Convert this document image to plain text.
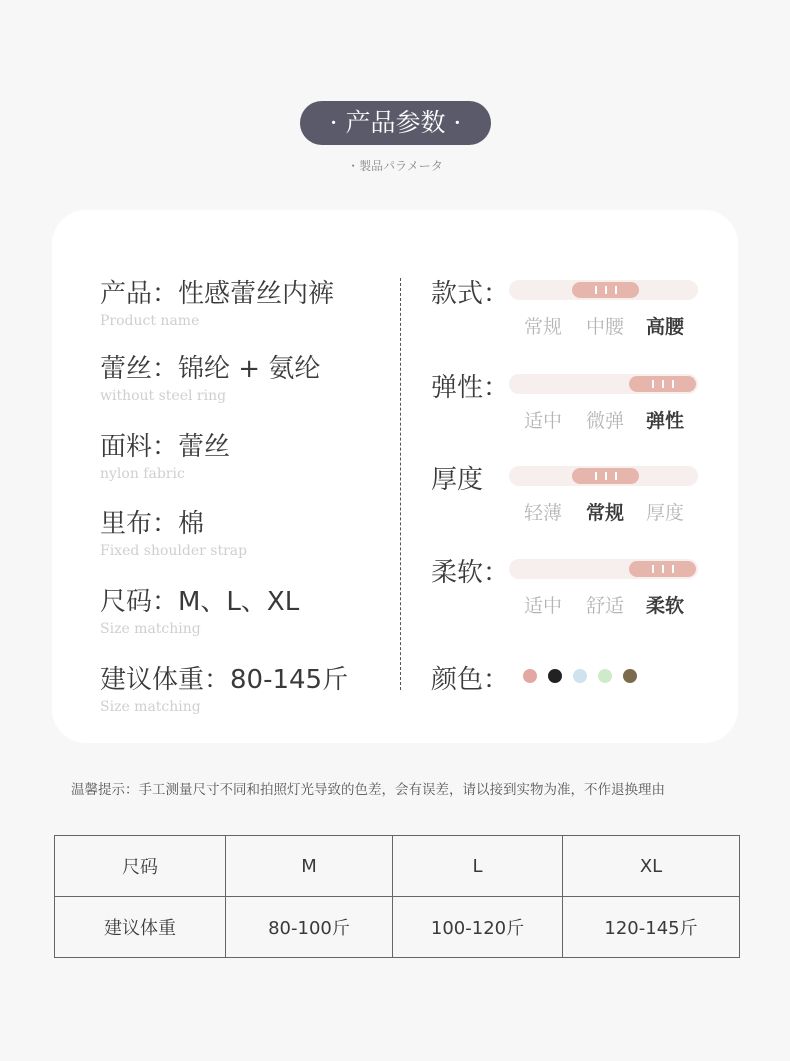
· 产品参数 ·
・製品パラメータ
产品：性感蕾丝内裤
Product name
蕾丝：锦纶 + 氨纶
without steel ring
面料：蕾丝
nylon fabric
里布：棉
Fixed shoulder strap
尺码：M、L、XL
Size matching
建议体重：80-145斤
Size matching
款式：
常规	中腰	高腰
弹性：
适中	微弹	弹性
厚度
轻薄	常规	厚度
柔软：
适中	舒适	柔软
颜色：
温馨提示：手工测量尺寸不同和拍照灯光导致的色差，会有误差，请以接到实物为准，不作退换理由
尺码	M	L	XL
建议体重	80-100斤	100-120斤	120-145斤
